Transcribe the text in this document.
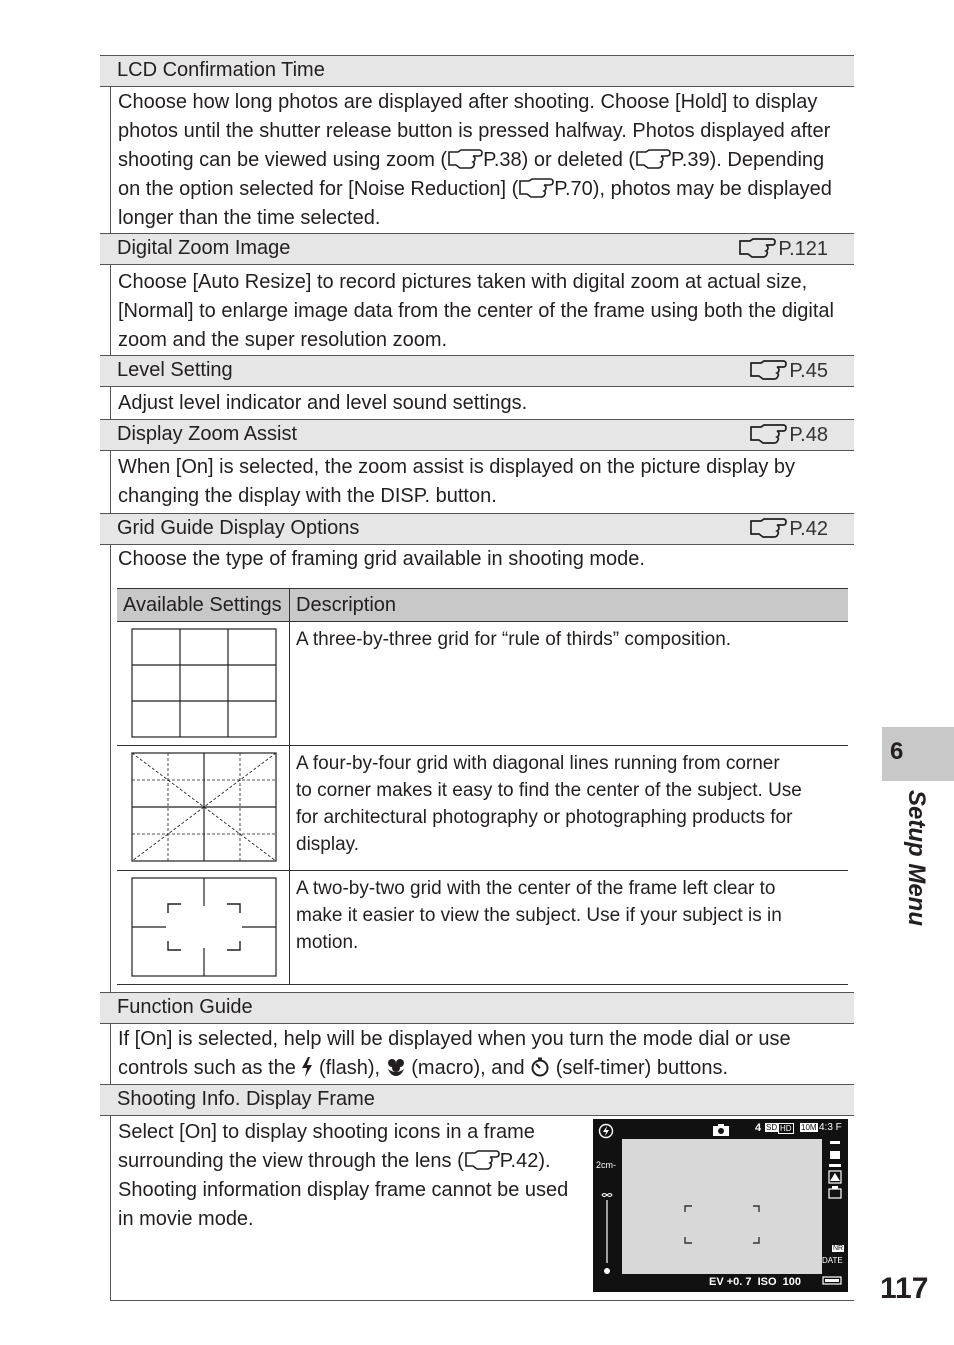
LCD Confirmation Time
Choose how long photos are displayed after shooting. Choose [Hold] to display
photos until the shutter release button is pressed halfway. Photos displayed after
shooting can be viewed using zoom ( P.38) or deleted ( P.39). Depending
on the option selected for [Noise Reduction] ( P.70), photos may be displayed
longer than the time selected.
Digital Zoom Image	P.121
Choose [Auto Resize] to record pictures taken with digital zoom at actual size,
[Normal] to enlarge image data from the center of the frame using both the digital
zoom and the super resolution zoom.
Level Setting	P.45
Adjust level indicator and level sound settings.
Display Zoom Assist	P.48
When [On] is selected, the zoom assist is displayed on the picture display by
changing the display with the DISP. button.
Grid Guide Display Options	P.42
Choose the type of framing grid available in shooting mode.
Available Settings	Description

A three-by-three grid for “rule of thirds” composition.

A four-by-four grid with diagonal lines running from corner
to corner makes it easy to find the center of the subject. Use
for architectural photography or photographing products for
display.

A two-by-two grid with the center of the frame left clear to
make it easier to view the subject. Use if your subject is in
motion.
Function Guide
If [On] is selected, help will be displayed when you turn the mode dial or use
controls such as the  (flash),  (macro), and  (self-timer) buttons.
Shooting Info. Display Frame
Select [On] to display shooting icons in a frame
surrounding the view through the lens ( P.42).
Shooting information display frame cannot be used
in movie mode.
4 SD HD 10M 4:3 F
2cm-
NR
DATE
EV +0. 7  ISO  100
6
Setup Menu
117
